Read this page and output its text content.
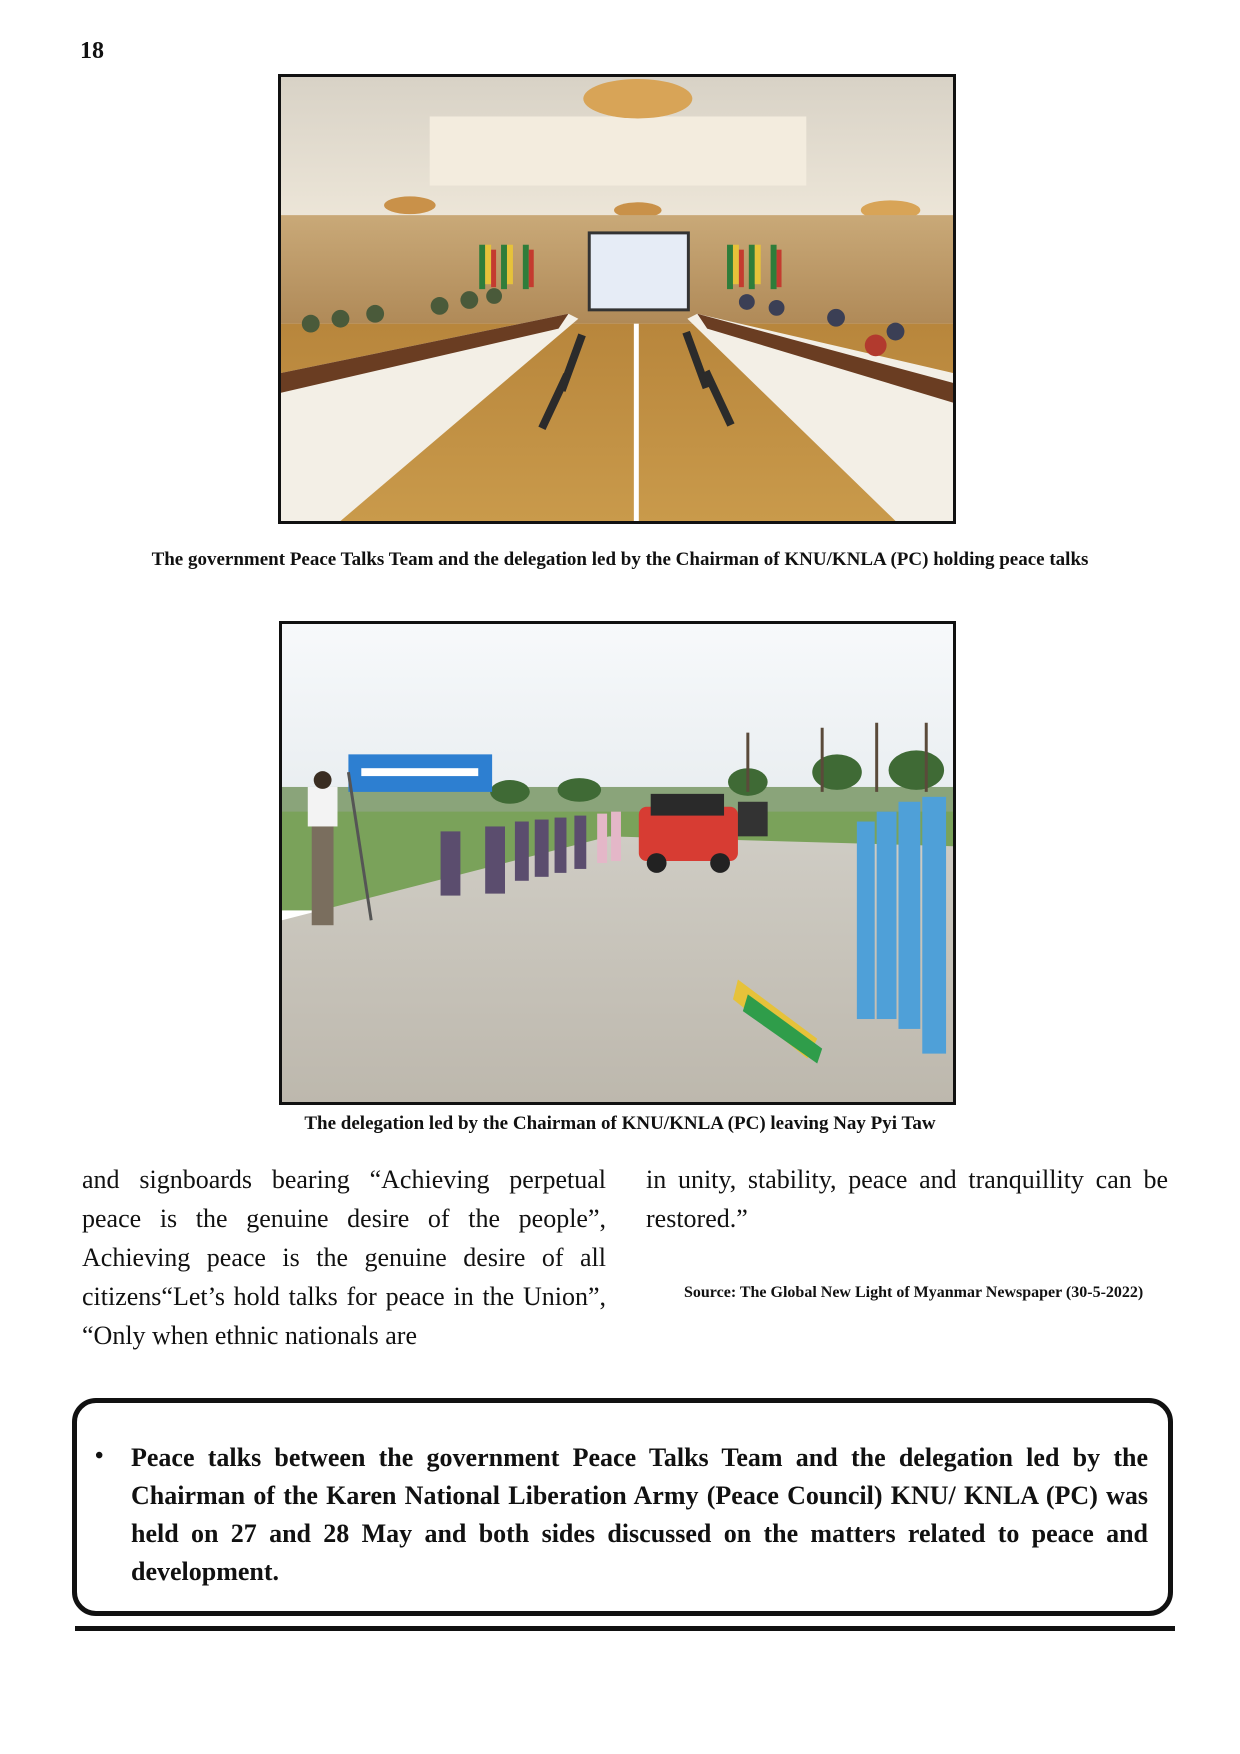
18
The government Peace Talks Team and the delegation led by the Chairman of KNU/KNLA (PC) holding peace talks
The delegation led by the Chairman of KNU/KNLA (PC) leaving Nay Pyi Taw
and signboards bearing “Achieving perpetual peace is the genuine desire of the people”, Achieving peace is the genuine desire of all citizens“Let’s hold talks for peace in the Union”, “Only when ethnic nationals are
in unity, stability, peace and tranquillity can be restored.”
Source: The Global New Light of Myanmar Newspaper (30-5-2022)
• Peace talks between the government Peace Talks Team and the delegation led by the Chairman of the Karen National Liberation Army (Peace Council) KNU/ KNLA (PC) was held on 27 and 28 May and both sides discussed on the matters related to peace and development.
